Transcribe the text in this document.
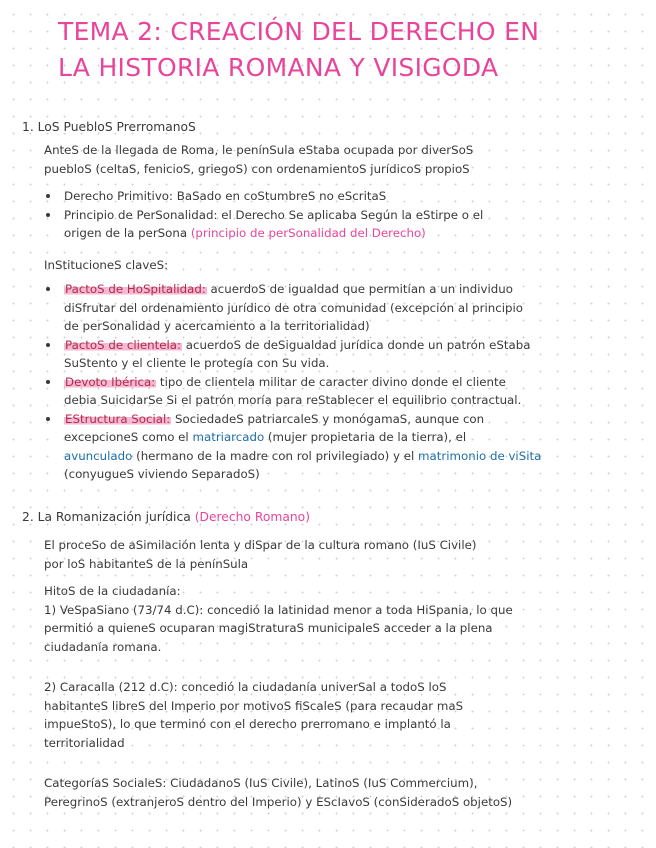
TEMA 2: CREACIÓN DEL DERECHO EN
LA HISTORIA ROMANA Y VISIGODA
1. LoS PuebloS PrerromanoS
AnteS de la llegada de Roma, le penínSula eStaba ocupada por diverSoS
puebloS (celtaS, fenicioS, griegoS) con ordenamientoS jurídicoS propioS
Derecho Primitivo: BaSado en coStumbreS no eScritaS
Principio de PerSonalidad: el Derecho Se aplicaba Según la eStirpe o el
origen de la perSona (principio de perSonalidad del Derecho)
InStitucioneS claveS:
PactoS de HoSpitalidad: acuerdoS de igualdad que permitían a un individuo
diSfrutar del ordenamiento jurídico de otra comunidad (excepción al principio
de perSonalidad y acercamiento a la territorialidad)
PactoS de clientela: acuerdoS de deSigualdad jurídica donde un patrón eStaba
SuStento y el cliente le protegía con Su vida.
Devoto Ibérica: tipo de clientela militar de caracter divino donde el cliente
debia SuicidarSe Si el patrón moría para reStablecer el equilibrio contractual.
EStructura Social: SociedadeS patriarcaleS y monógamaS, aunque con
excepcioneS como el matriarcado (mujer propietaria de la tierra), el
avunculado (hermano de la madre con rol privilegiado) y el matrimonio de viSita
(conyugueS viviendo SeparadoS)
2. La Romanización jurídica (Derecho Romano)
El proceSo de aSimilación lenta y diSpar de la cultura romano (IuS Civile)
por loS habitanteS de la penínSula
HitoS de la ciudadanía:
1) VeSpaSiano (73/74 d.C): concedió la latinidad menor a toda HiSpania, lo que
permitió a quieneS ocuparan magiStraturaS municipaleS acceder a la plena
ciudadanía romana.
2) Caracalla (212 d.C): concedió la ciudadanía univerSal a todoS loS
habitanteS libreS del Imperio por motivoS fiScaleS (para recaudar maS
impueStoS), lo que terminó con el derecho prerromano e implantó la
territorialidad
CategoríaS SocialeS: CiudadanoS (IuS Civile), LatinoS (IuS Commercium),
PeregrinoS (extranjeroS dentro del Imperio) y EScIavoS (conSideradoS objetoS)
